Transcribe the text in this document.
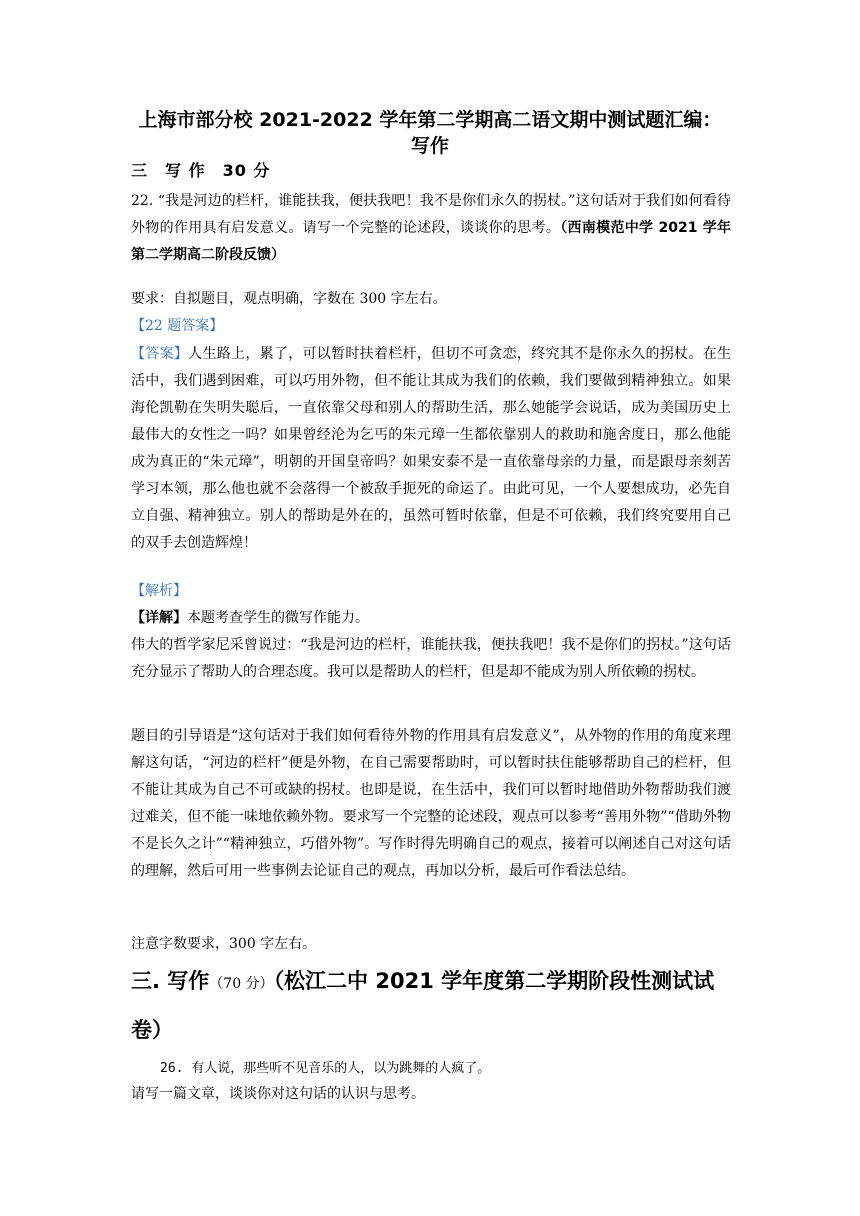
上海市部分校 2021-2022 学年第二学期高二语文期中测试题汇编：
写作
三　写 作　30 分
22. “我是河边的栏杆，谁能扶我，便扶我吧！我不是你们永久的拐杖。”这句话对于我们如何看待外物的作用具有启发意义。请写一个完整的论述段，谈谈你的思考。（西南模范中学 2021 学年第二学期高二阶段反馈）
要求：自拟题目，观点明确，字数在 300 字左右。
【22 题答案】
【答案】人生路上，累了，可以暂时扶着栏杆，但切不可贪恋，终究其不是你永久的拐杖。在生活中，我们遇到困难，可以巧用外物，但不能让其成为我们的依赖，我们要做到精神独立。如果海伦凯勒在失明失聪后，一直依靠父母和别人的帮助生活，那么她能学会说话，成为美国历史上最伟大的女性之一吗？如果曾经沦为乞丐的朱元璋一生都依靠别人的救助和施舍度日，那么他能成为真正的“朱元璋”，明朝的开国皇帝吗？如果安泰不是一直依靠母亲的力量，而是跟母亲刻苦学习本领，那么他也就不会落得一个被敌手扼死的命运了。由此可见，一个人要想成功，必先自立自强、精神独立。别人的帮助是外在的，虽然可暂时依靠，但是不可依赖，我们终究要用自己的双手去创造辉煌！
【解析】
【详解】本题考查学生的微写作能力。
伟大的哲学家尼采曾说过：“我是河边的栏杆，谁能扶我，便扶我吧！我不是你们的拐杖。”这句话充分显示了帮助人的合理态度。我可以是帮助人的栏杆，但是却不能成为别人所依赖的拐杖。
题目的引导语是“这句话对于我们如何看待外物的作用具有启发意义”，从外物的作用的角度来理解这句话，“河边的栏杆”便是外物，在自己需要帮助时，可以暂时扶住能够帮助自己的栏杆，但不能让其成为自己不可或缺的拐杖。也即是说，在生活中，我们可以暂时地借助外物帮助我们渡过难关，但不能一味地依赖外物。要求写一个完整的论述段，观点可以参考“善用外物”“借助外物不是长久之计”“精神独立，巧借外物”。写作时得先明确自己的观点，接着可以阐述自己对这句话的理解，然后可用一些事例去论证自己的观点，再加以分析，最后可作看法总结。
注意字数要求，300 字左右。
三. 写作（70 分）（松江二中 2021 学年度第二学期阶段性测试试卷）
26. 有人说，那些听不见音乐的人，以为跳舞的人疯了。
请写一篇文章，谈谈你对这句话的认识与思考。
